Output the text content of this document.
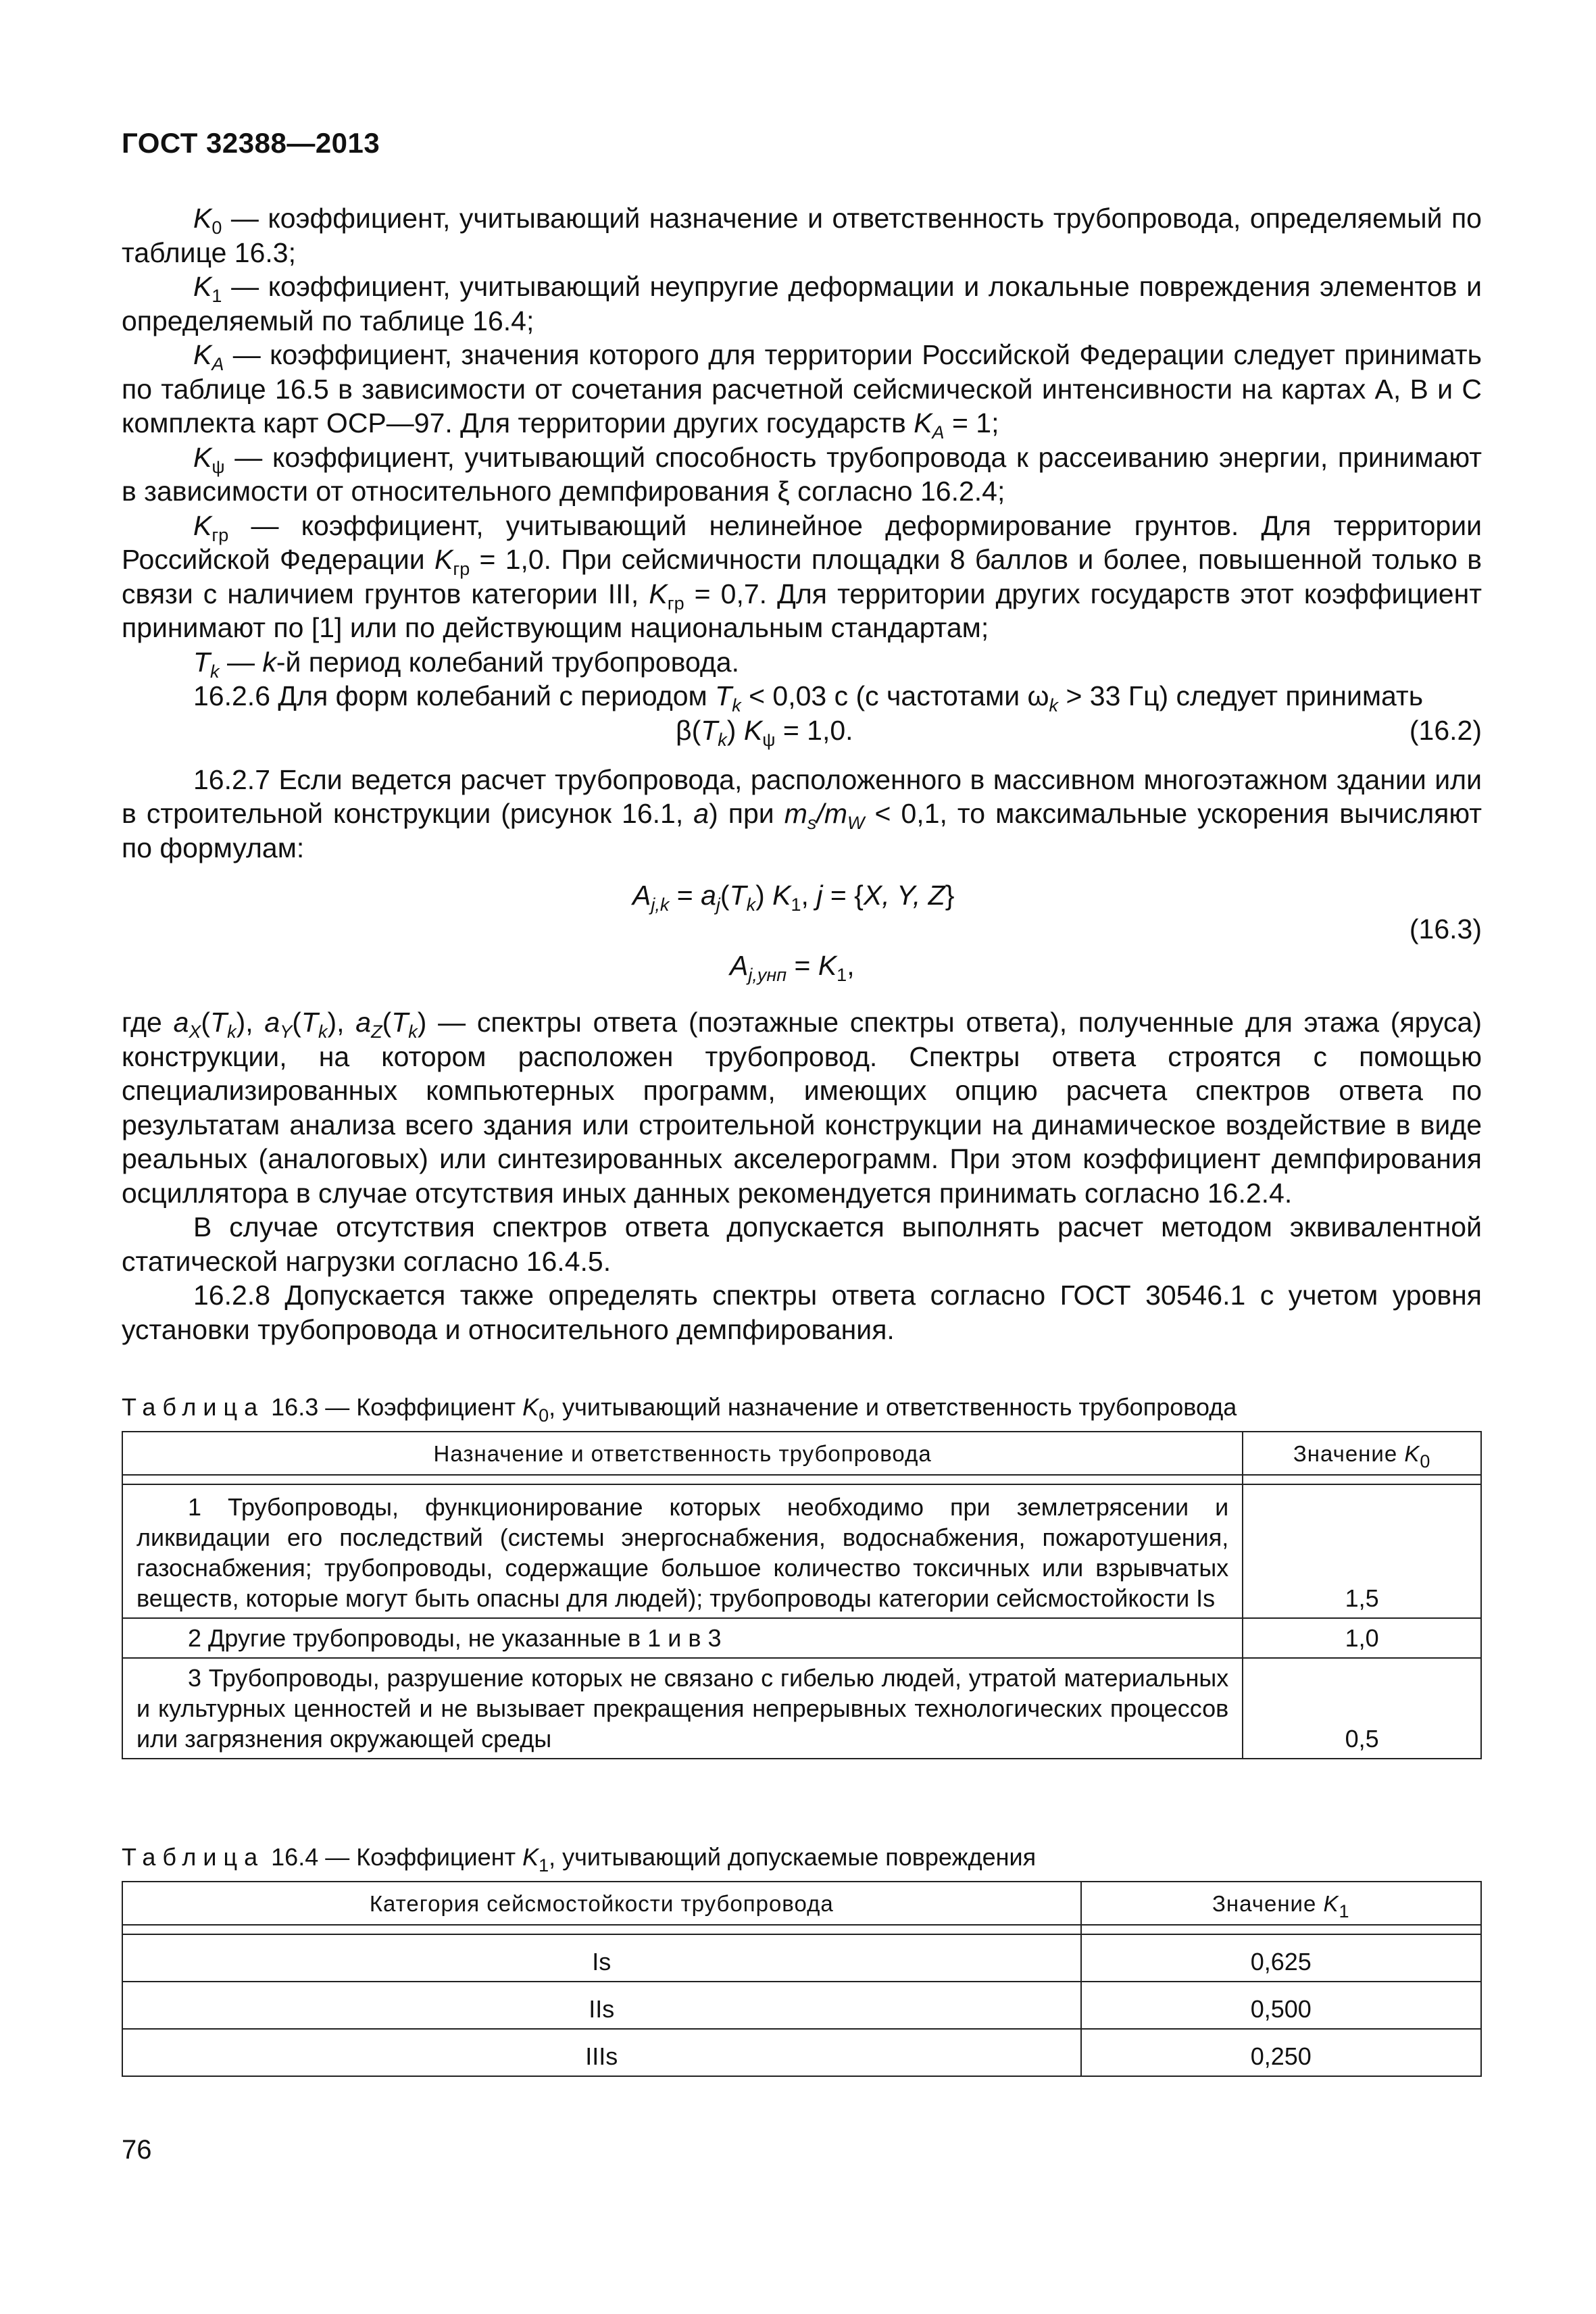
ГОСТ 32388—2013

$K_0$ — коэффициент, учитывающий назначение и ответственность трубопровода, определяемый по таблице 16.3;

$K_1$ — коэффициент, учитывающий неупругие деформации и локальные повреждения элементов и определяемый по таблице 16.4;

$K_A$ — коэффициент, значения которого для территории Российской Федерации следует принимать по таблице 16.5 в зависимости от сочетания расчетной сейсмической интенсивности на картах А, В и С комплекта карт ОСР—97. Для территории других государств $K_A = 1$;

$K_\psi$ — коэффициент, учитывающий способность трубопровода к рассеиванию энергии, принимают в зависимости от относительного демпфирования ξ согласно 16.2.4;

$K_{гр}$ — коэффициент, учитывающий нелинейное деформирование грунтов. Для территории Российской Федерации $K_{гр} = 1,0$. При сейсмичности площадки 8 баллов и более, повышенной только в связи с наличием грунтов категории III, $K_{гр} = 0,7$. Для территории других государств этот коэффициент принимают по [1] или по действующим национальным стандартам;

$T_k$ — k-й период колебаний трубопровода.

16.2.6 Для форм колебаний с периодом $T_k < 0,03$ с (с частотами $\omega_k > 33$ Гц) следует принимать

$\beta(T_k) K_\psi = 1,0$.	(16.2)

16.2.7 Если ведется расчет трубопровода, расположенного в массивном многоэтажном здании или в строительной конструкции (рисунок 16.1, а) при $m_s/m_W < 0,1$, то максимальные ускорения вычисляют по формулам:

$A_{j,k} = a_j(T_k)$ $K_1$, j = {X, Y, Z}
$A_{j,унп} = K_1$,
(16.3)

где $a_X(T_k)$, $a_Y(T_k)$, $a_Z(T_k)$ — спектры ответа (поэтажные спектры ответа), полученные для этажа (яруса) конструкции, на котором расположен трубопровод. Спектры ответа строятся с помощью специализированных компьютерных программ, имеющих опцию расчета спектров ответа по результатам анализа всего здания или строительной конструкции на динамическое воздействие в виде реальных (аналоговых) или синтезированных акселерограмм. При этом коэффициент демпфирования осциллятора в случае отсутствия иных данных рекомендуется принимать согласно 16.2.4.

В случае отсутствия спектров ответа допускается выполнять расчет методом эквивалентной статической нагрузки согласно 16.4.5.

16.2.8 Допускается также определять спектры ответа согласно ГОСТ 30546.1 с учетом уровня установки трубопровода и относительного демпфирования.

Таблица 16.3 — Коэффициент $K_0$, учитывающий назначение и ответственность трубопровода
Назначение и ответственность трубопровода	Значение $K_0$

1 Трубопроводы, функционирование которых необходимо при землетрясении и ликвидации его последствий (системы энергоснабжения, водоснабжения, пожаротушения, газоснабжения; трубопроводы, содержащие большое количество токсичных или взрывчатых веществ, которые могут быть опасны для людей); трубопроводы категории сейсмостойкости Is	1,5
2 Другие трубопроводы, не указанные в 1 и в 3	1,0
3 Трубопроводы, разрушение которых не связано с гибелью людей, утратой материальных и культурных ценностей и не вызывает прекращения непрерывных технологических процессов или загрязнения окружающей среды	0,5
Таблица 16.4 — Коэффициент $K_1$, учитывающий допускаемые повреждения
Категория сейсмостойкости трубопровода	Значение $K_1$

Is	0,625
IIs	0,500
IIIs	0,250
76
